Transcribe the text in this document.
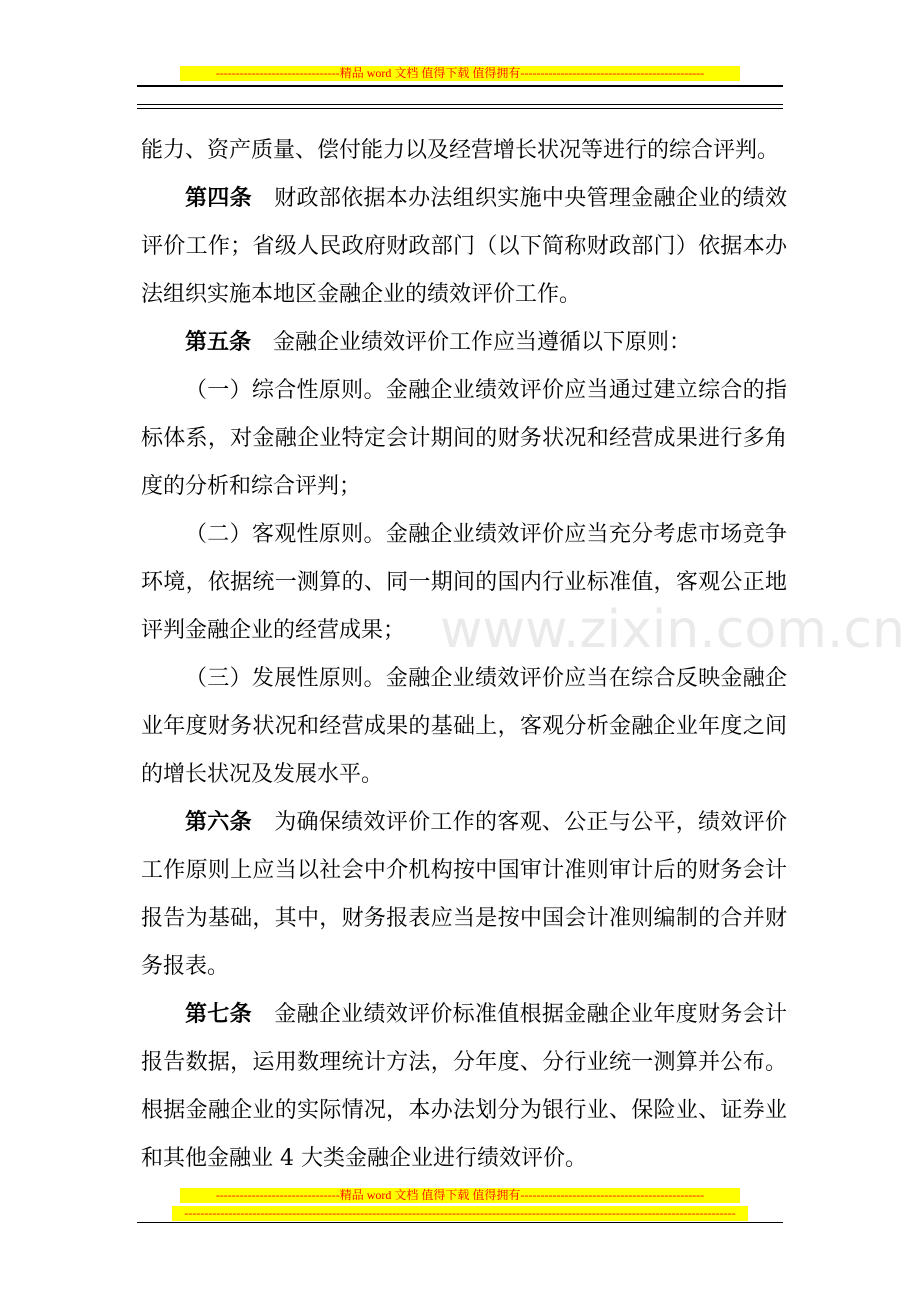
-------------------------------精品 word 文档 值得下载 值得拥有----------------------------------------------
www.zixin.com.cn

能力、资产质量、偿付能力以及经营增长状况等进行的综合评判。

第四条 财政部依据本办法组织实施中央管理金融企业的绩效评价工作；省级人民政府财政部门（以下简称财政部门）依据本办法组织实施本地区金融企业的绩效评价工作。

第五条 金融企业绩效评价工作应当遵循以下原则：

（一）综合性原则。金融企业绩效评价应当通过建立综合的指标体系，对金融企业特定会计期间的财务状况和经营成果进行多角度的分析和综合评判；

（二）客观性原则。金融企业绩效评价应当充分考虑市场竞争环境，依据统一测算的、同一期间的国内行业标准值，客观公正地评判金融企业的经营成果；

（三）发展性原则。金融企业绩效评价应当在综合反映金融企业年度财务状况和经营成果的基础上，客观分析金融企业年度之间的增长状况及发展水平。

第六条 为确保绩效评价工作的客观、公正与公平，绩效评价工作原则上应当以社会中介机构按中国审计准则审计后的财务会计报告为基础，其中，财务报表应当是按中国会计准则编制的合并财务报表。

第七条 金融企业绩效评价标准值根据金融企业年度财务会计报告数据，运用数理统计方法，分年度、分行业统一测算并公布。根据金融企业的实际情况，本办法划分为银行业、保险业、证券业和其他金融业 4 大类金融企业进行绩效评价。

-------------------------------精品 word 文档 值得下载 值得拥有----------------------------------------------
------------------------------------------------------------------------------------------------------------------------------------------
